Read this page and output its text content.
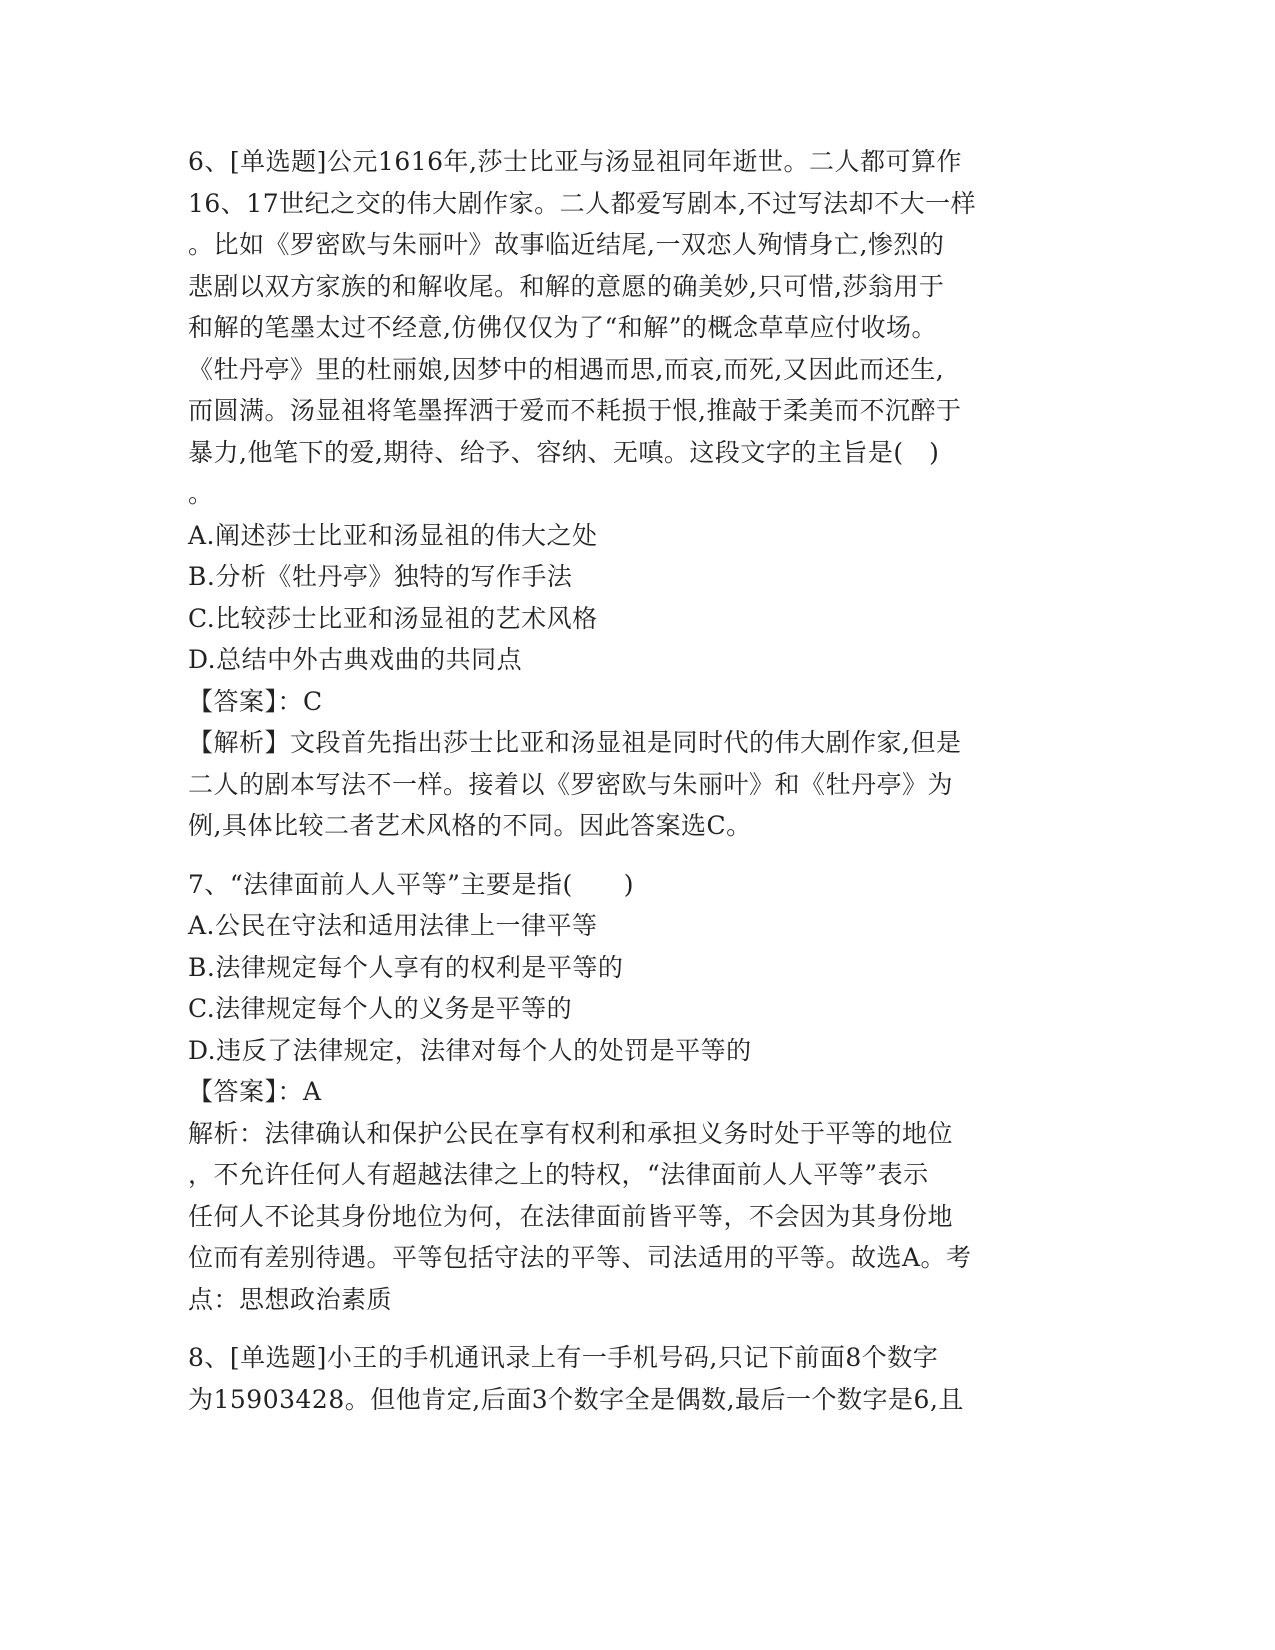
6、[单选题]公元1616年,莎士比亚与汤显祖同年逝世。二人都可算作
16、17世纪之交的伟大剧作家。二人都爱写剧本,不过写法却不大一样
。比如《罗密欧与朱丽叶》故事临近结尾,一双恋人殉情身亡,惨烈的
悲剧以双方家族的和解收尾。和解的意愿的确美妙,只可惜,莎翁用于
和解的笔墨太过不经意,仿佛仅仅为了“和解”的概念草草应付收场。
《牡丹亭》里的杜丽娘,因梦中的相遇而思,而哀,而死,又因此而还生,
而圆满。汤显祖将笔墨挥洒于爱而不耗损于恨,推敲于柔美而不沉醉于
暴力,他笔下的爱,期待、给予、容纳、无嗔。这段文字的主旨是(　)
。
A.阐述莎士比亚和汤显祖的伟大之处
B.分析《牡丹亭》独特的写作手法
C.比较莎士比亚和汤显祖的艺术风格
D.总结中外古典戏曲的共同点
【答案】：C
【解析】文段首先指出莎士比亚和汤显祖是同时代的伟大剧作家,但是
二人的剧本写法不一样。接着以《罗密欧与朱丽叶》和《牡丹亭》为
例,具体比较二者艺术风格的不同。因此答案选C。
7、“法律面前人人平等”主要是指(　　)
A.公民在守法和适用法律上一律平等
B.法律规定每个人享有的权利是平等的
C.法律规定每个人的义务是平等的
D.违反了法律规定，法律对每个人的处罚是平等的
【答案】：A
解析：法律确认和保护公民在享有权利和承担义务时处于平等的地位
，不允许任何人有超越法律之上的特权，“法律面前人人平等”表示
任何人不论其身份地位为何，在法律面前皆平等，不会因为其身份地
位而有差别待遇。平等包括守法的平等、司法适用的平等。故选A。考
点：思想政治素质
8、[单选题]小王的手机通讯录上有一手机号码,只记下前面8个数字
为15903428。但他肯定,后面3个数字全是偶数,最后一个数字是6,且
